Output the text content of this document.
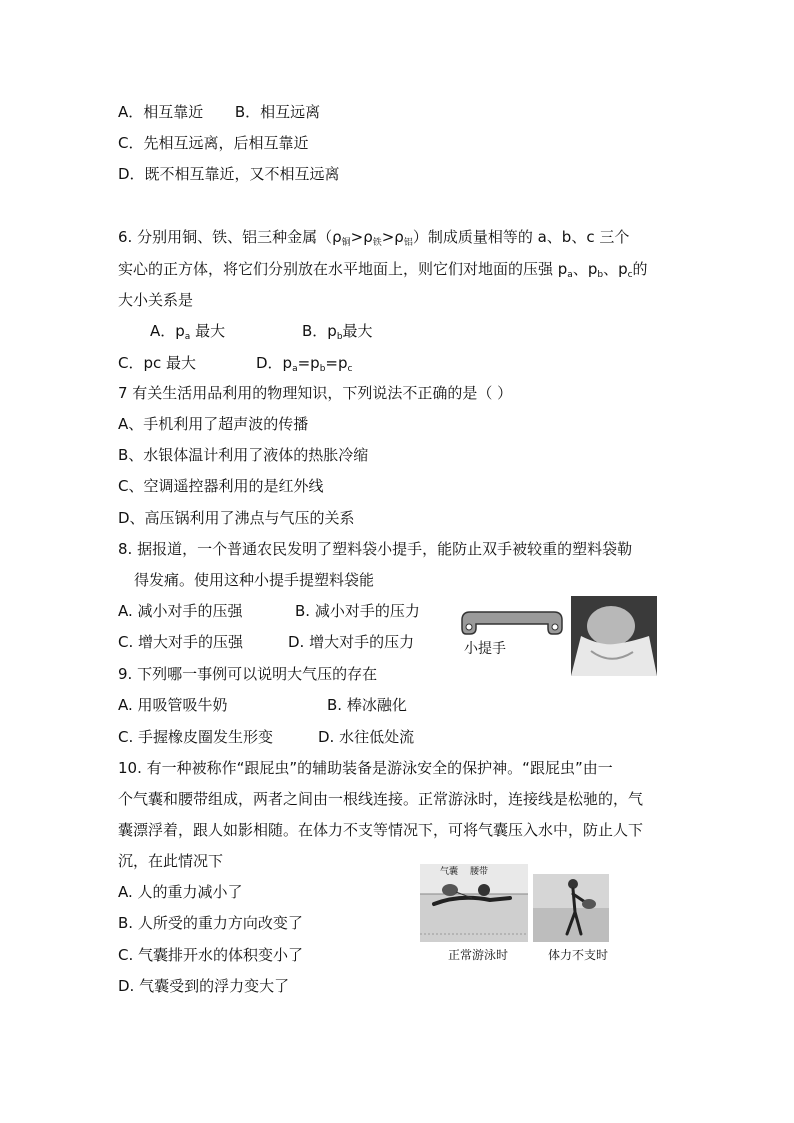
A．相互靠近 B．相互远离
C．先相互远离，后相互靠近
D．既不相互靠近，又不相互远离
6. 分别用铜、铁、铝三种金属$(\rho_铜>\rho_铁>\rho_铝)$制成质量相等的 a、b、c 三个
实心的正方体，将它们分别放在水平地面上，则它们对地面的压强 $p_a$、$p_b$、$p_c$的
大小关系是
A．$p_a$ 最大	B．$p_b$最大
C．pc 最大	D．$p_a=p_b=p_c$
7 有关生活用品利用的物理知识，下列说法不正确的是（ ）
A、手机利用了超声波的传播
B、水银体温计利用了液体的热胀冷缩
C、空调遥控器利用的是红外线
D、高压锅利用了沸点与气压的关系
8. 据报道，一个普通农民发明了塑料袋小提手，能防止双手被较重的塑料袋勒
得发痛。使用这种小提手提塑料袋能
A. 减小对手的压强	B. 减小对手的压力
C. 增大对手的压强	D. 增大对手的压力	小提手
9. 下列哪一事例可以说明大气压的存在
A. 用吸管吸牛奶	B. 棒冰融化
C. 手握橡皮圈发生形变	D. 水往低处流
10. 有一种被称作“跟屁虫”的辅助装备是游泳安全的保护神。“跟屁虫”由一
个气囊和腰带组成，两者之间由一根线连接。正常游泳时，连接线是松驰的，气
囊漂浮着，跟人如影相随。在体力不支等情况下，可将气囊压入水中，防止人下
沉，在此情况下
A. 人的重力减小了
B. 人所受的重力方向改变了
C. 气囊排开水的体积变小了
D. 气囊受到的浮力变大了
气囊 腰带
正常游泳时	体力不支时
